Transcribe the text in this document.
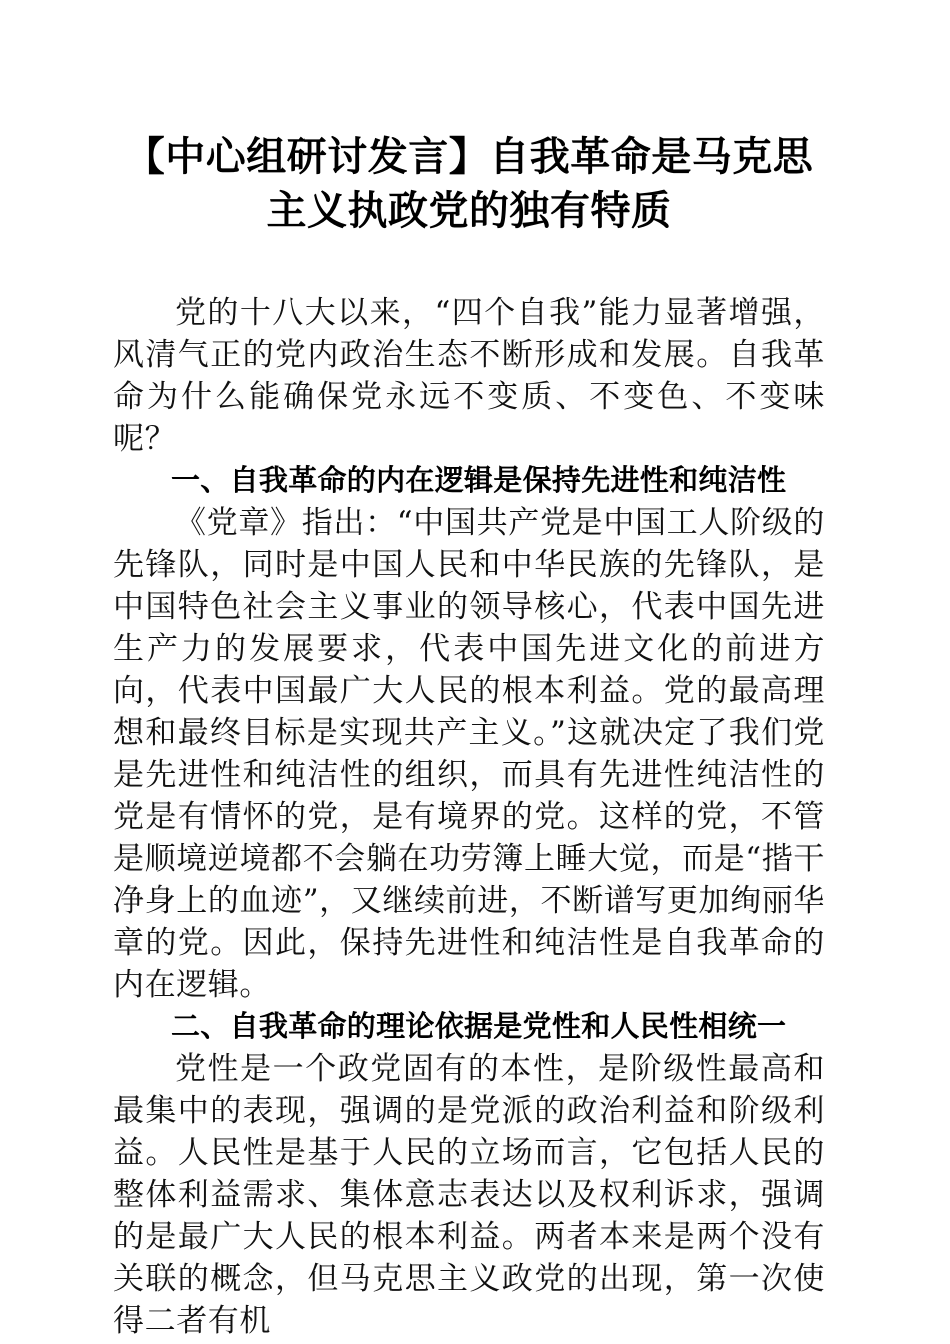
【中心组研讨发言】自我革命是马克思主义执政党的独有特质

党的十八大以来，“四个自我”能力显著增强，风清气正的党内政治生态不断形成和发展。自我革命为什么能确保党永远不变质、不变色、不变味呢？

一、自我革命的内在逻辑是保持先进性和纯洁性

《党章》指出：“中国共产党是中国工人阶级的先锋队，同时是中国人民和中华民族的先锋队，是中国特色社会主义事业的领导核心，代表中国先进生产力的发展要求，代表中国先进文化的前进方向，代表中国最广大人民的根本利益。党的最高理想和最终目标是实现共产主义。”这就决定了我们党是先进性和纯洁性的组织，而具有先进性纯洁性的党是有情怀的党，是有境界的党。这样的党，不管是顺境逆境都不会躺在功劳簿上睡大觉，而是“揩干净身上的血迹”，又继续前进，不断谱写更加绚丽华章的党。因此，保持先进性和纯洁性是自我革命的内在逻辑。

二、自我革命的理论依据是党性和人民性相统一

党性是一个政党固有的本性，是阶级性最高和最集中的表现，强调的是党派的政治利益和阶级利益。人民性是基于人民的立场而言，它包括人民的整体利益需求、集体意志表达以及权利诉求，强调的是最广大人民的根本利益。两者本来是两个没有关联的概念，但马克思主义政党的出现，第一次使得二者有机
